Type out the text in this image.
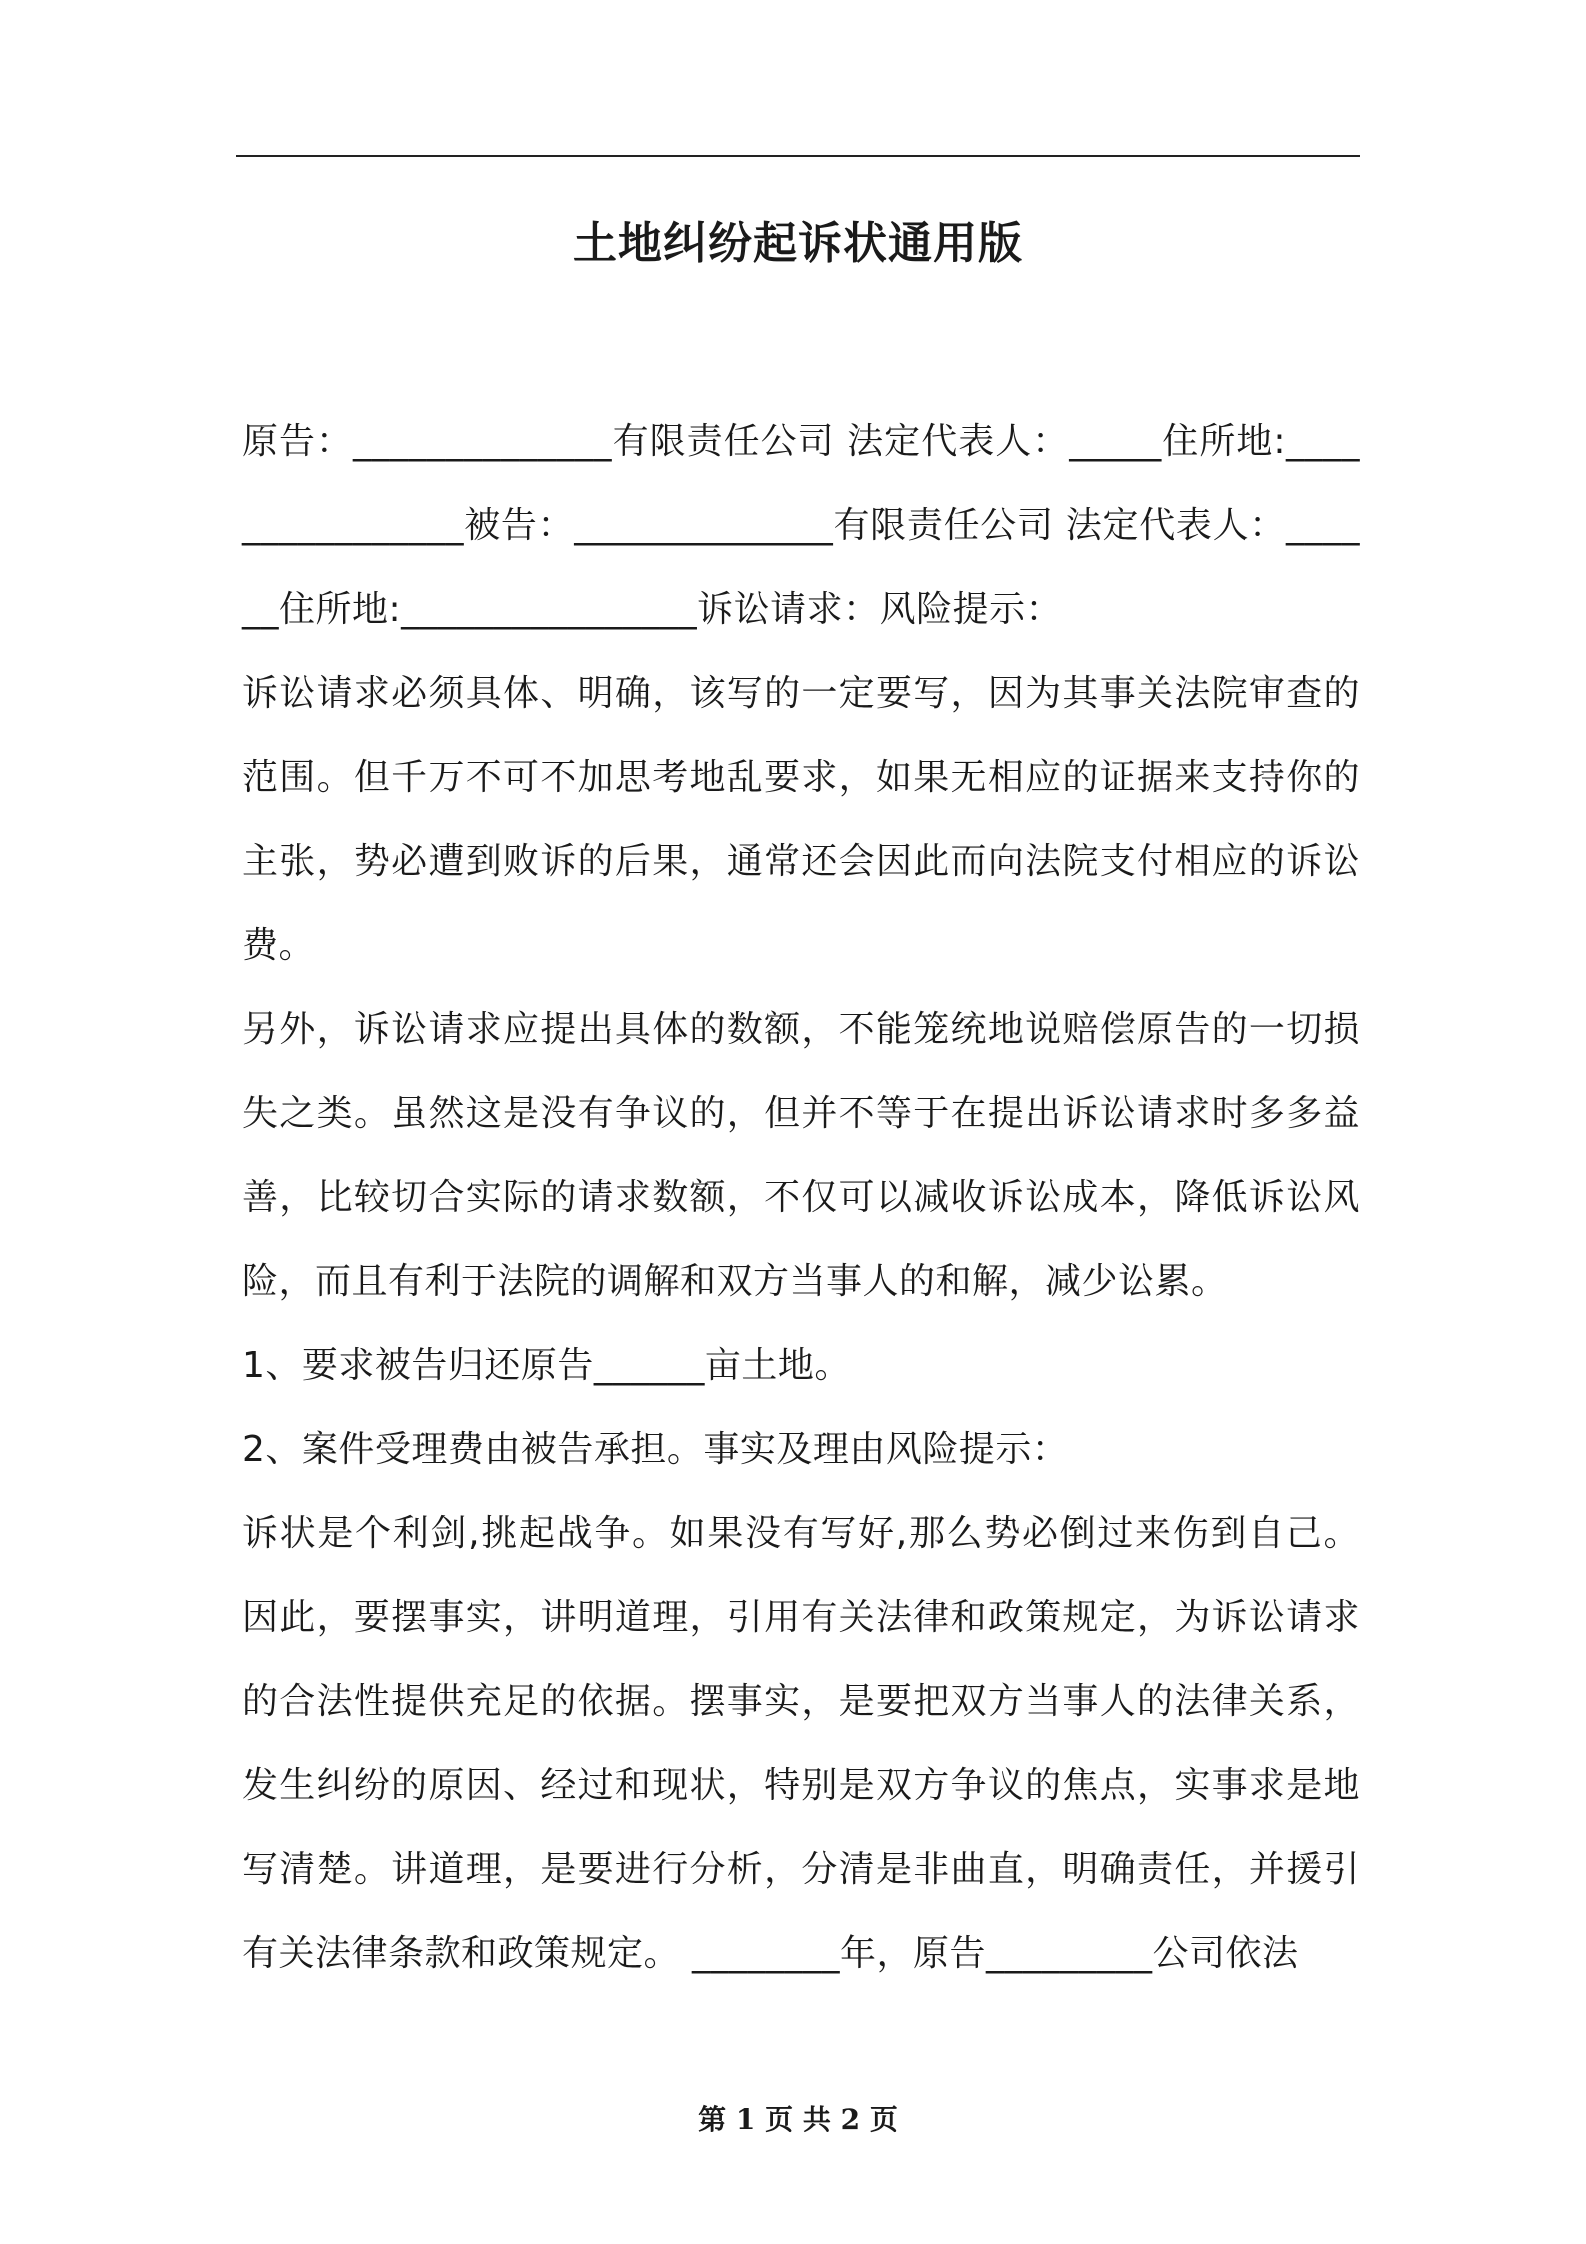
土地纠纷起诉状通用版

原告：______________有限责任公司 法定代表人：_____住所地:________________被告：______________有限责任公司 法定代表人：______住所地:________________诉讼请求：风险提示：

诉讼请求必须具体、明确，该写的一定要写，因为其事关法院审查的范围。但千万不可不加思考地乱要求，如果无相应的证据来支持你的主张，势必遭到败诉的后果，通常还会因此而向法院支付相应的诉讼费。

另外，诉讼请求应提出具体的数额，不能笼统地说赔偿原告的一切损失之类。虽然这是没有争议的，但并不等于在提出诉讼请求时多多益善，比较切合实际的请求数额，不仅可以减收诉讼成本，降低诉讼风险，而且有利于法院的调解和双方当事人的和解，减少讼累。

1、要求被告归还原告______亩土地。

2、案件受理费由被告承担。事实及理由风险提示：

诉状是个利剑,挑起战争。如果没有写好,那么势必倒过来伤到自己。因此，要摆事实，讲明道理，引用有关法律和政策规定，为诉讼请求的合法性提供充足的依据。摆事实，是要把双方当事人的法律关系，发生纠纷的原因、经过和现状，特别是双方争议的焦点，实事求是地写清楚。讲道理，是要进行分析，分清是非曲直，明确责任，并援引有关法律条款和政策规定。 ________年，原告_________公司依法

第 1 页 共 2 页
